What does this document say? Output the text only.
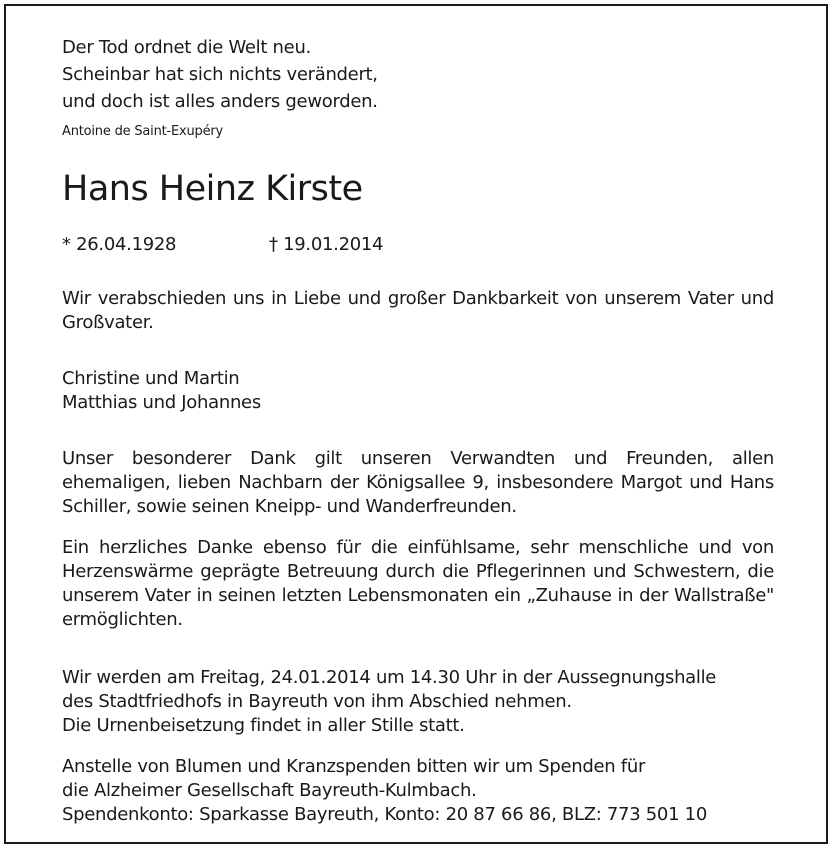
Der Tod ordnet die Welt neu.
Scheinbar hat sich nichts verändert,
und doch ist alles anders geworden.
Antoine de Saint-Exupéry
Hans Heinz Kirste
* 26.04.1928	† 19.01.2014
Wir verabschieden uns in Liebe und großer Dankbarkeit von unserem Vater und Großvater.
Christine und Martin
Matthias und Johannes
Unser besonderer Dank gilt unseren Verwandten und Freunden, allen ehemaligen, lieben Nachbarn der Königsallee 9, insbesondere Margot und Hans Schiller, sowie seinen Kneipp- und Wanderfreunden.
Ein herzliches Danke ebenso für die einfühlsame, sehr menschliche und von Herzenswärme geprägte Betreuung durch die Pflegerinnen und Schwestern, die unserem Vater in seinen letzten Lebensmonaten ein „Zuhause in der Wallstraße" ermöglichten.
Wir werden am Freitag, 24.01.2014 um 14.30 Uhr in der Aussegnungshalle
des Stadtfriedhofs in Bayreuth von ihm Abschied nehmen.
Die Urnenbeisetzung findet in aller Stille statt.
Anstelle von Blumen und Kranzspenden bitten wir um Spenden für
die Alzheimer Gesellschaft Bayreuth-Kulmbach.
Spendenkonto: Sparkasse Bayreuth, Konto: 20 87 66 86, BLZ: 773 501 10
